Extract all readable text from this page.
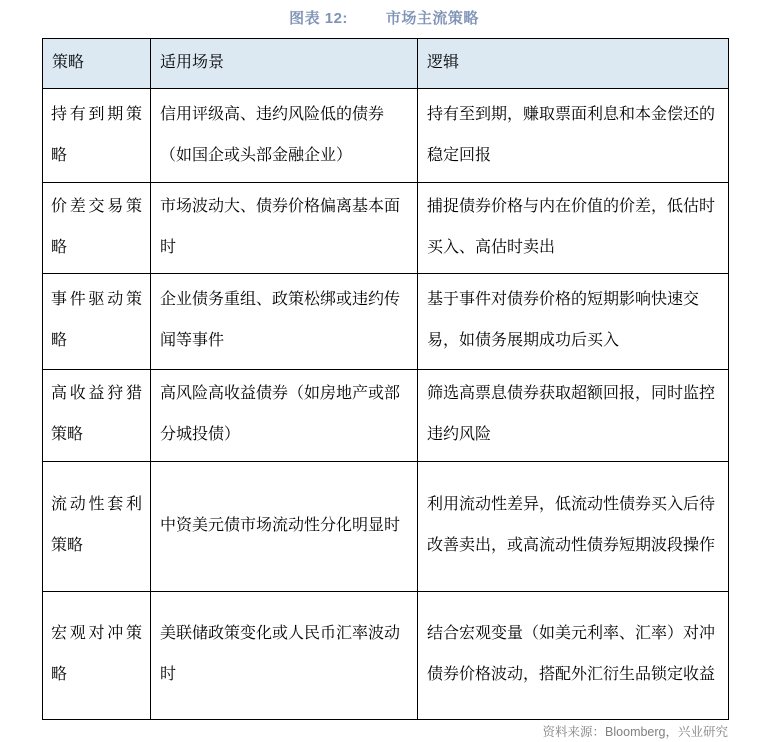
图表 12:	市场主流策略
策略	适用场景	逻辑
持有到期策略	信用评级高、违约风险低的债券（如国企或头部金融企业）	持有至到期，赚取票面利息和本金偿还的稳定回报
价差交易策略	市场波动大、债券价格偏离基本面时	捕捉债券价格与内在价值的价差，低估时买入、高估时卖出
事件驱动策略	企业债务重组、政策松绑或违约传闻等事件	基于事件对债券价格的短期影响快速交易，如债务展期成功后买入
高收益狩猎策略	高风险高收益债券（如房地产或部分城投债）	筛选高票息债券获取超额回报，同时监控违约风险
流动性套利策略	中资美元债市场流动性分化明显时	利用流动性差异，低流动性债券买入后待改善卖出，或高流动性债券短期波段操作
宏观对冲策略	美联储政策变化或人民币汇率波动时	结合宏观变量（如美元利率、汇率）对冲债券价格波动，搭配外汇衍生品锁定收益
资料来源：Bloomberg，兴业研究
